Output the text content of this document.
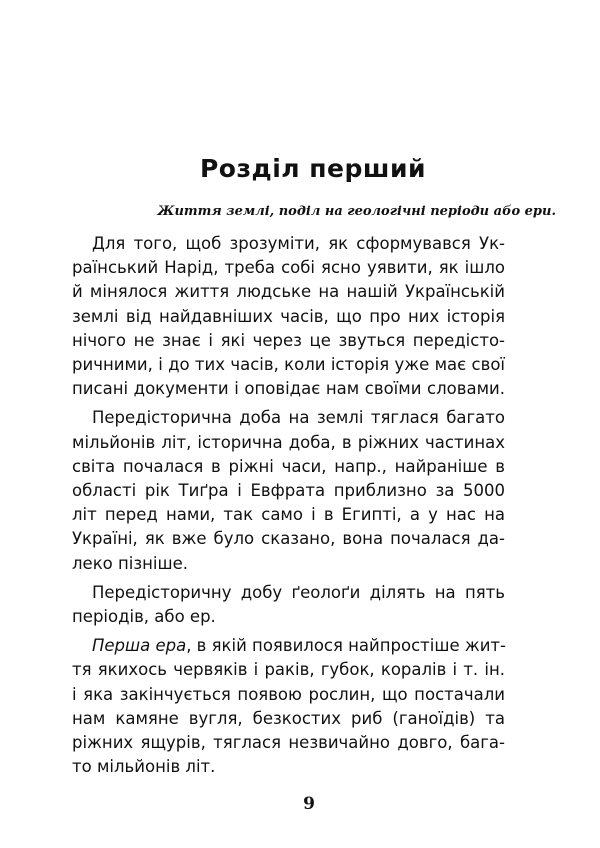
Розділ перший
Життя землі, поділ на геологічні періоди або ери.

Для того, щоб зрозуміти, як сформувався Ук-
раїнський Нарід, треба собі ясно уявити, як ішло
й мінялося життя людське на нашій Українській
землі від найдавніших часів, що про них історія
нічого не знає і які через це звуться передісто-
ричними, і до тих часів, коли історія уже має свої
писані документи і оповідає нам своїми словами.

Передісторична доба на землі тяглася багато
мільйонів літ, історична доба, в ріжних частинах
світа почалася в ріжні часи, напр., найраніше в
області рік Тиґра і Евфрата приблизно за 5000
літ перед нами, так само і в Египті, а у нас на
Україні, як вже було сказано, вона почалася да-
леко пізніше.

Передісторичну добу ґеолоґи ділять на пять
періодів, або ер.

Перша ера, в якій появилося найпростіше жит-
тя якихось червяків і раків, губок, коралів і т. ін.
і яка закінчується появою рослин, що постачали
нам камяне вугля, безкостих риб (ганоїдів) та
ріжних ящурів, тяглася незвичайно довго, бага-
то мільйонів літ.

9
